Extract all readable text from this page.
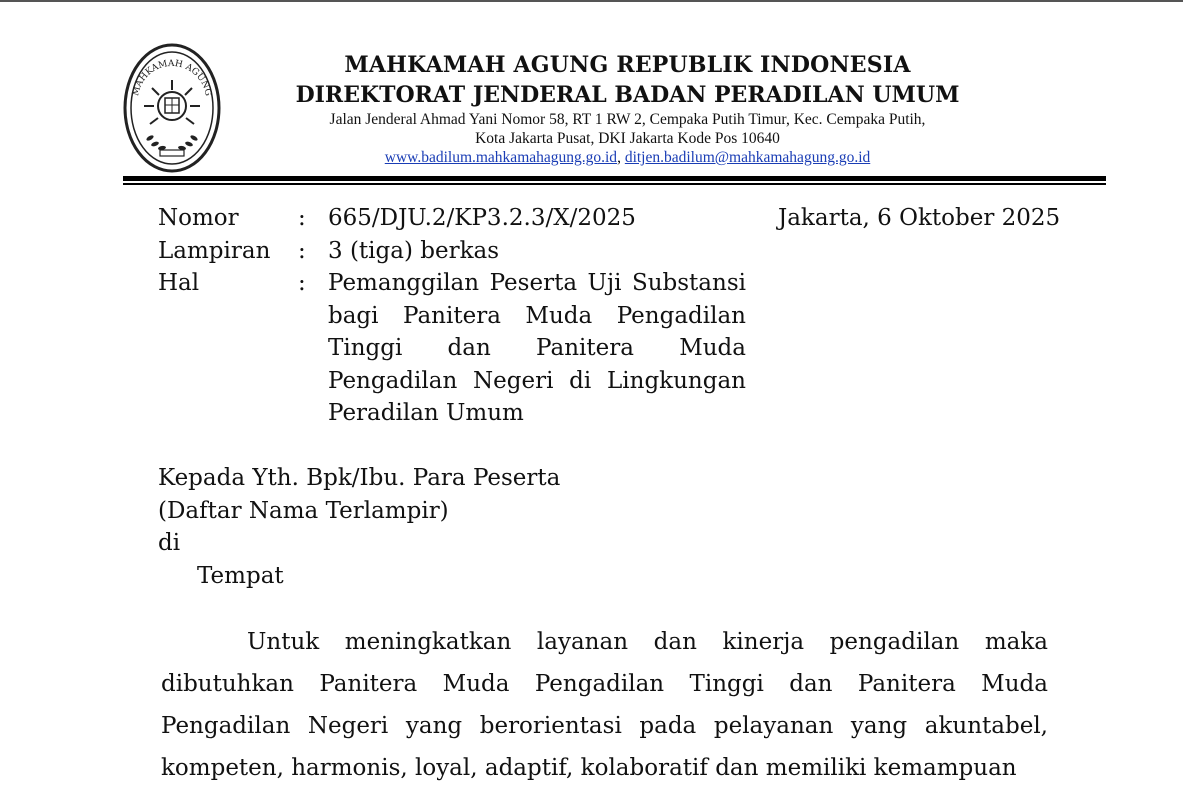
MAHKAMAH AGUNG
MAHKAMAH AGUNG REPUBLIK INDONESIA
DIREKTORAT JENDERAL BADAN PERADILAN UMUM
Jalan Jenderal Ahmad Yani Nomor 58, RT 1 RW 2, Cempaka Putih Timur, Kec. Cempaka Putih,
Kota Jakarta Pusat, DKI Jakarta Kode Pos 10640
www.badilum.mahkamahagung.go.id, ditjen.badilum@mahkamahagung.go.id
Nomor	: 665/DJU.2/KP3.2.3/X/2025
Lampiran	: 3 (tiga) berkas
Hal	: Pemanggilan Peserta Uji Substansi bagi Panitera Muda Pengadilan Tinggi dan Panitera Muda Pengadilan Negeri di Lingkungan Peradilan Umum
Jakarta, 6 Oktober 2025
Kepada Yth. Bpk/Ibu. Para Peserta
(Daftar Nama Terlampir)
di
Tempat
Untuk meningkatkan layanan dan kinerja pengadilan maka dibutuhkan Panitera Muda Pengadilan Tinggi dan Panitera Muda Pengadilan Negeri yang berorientasi pada pelayanan yang akuntabel, kompeten, harmonis, loyal, adaptif, kolaboratif dan memiliki kemampuan
